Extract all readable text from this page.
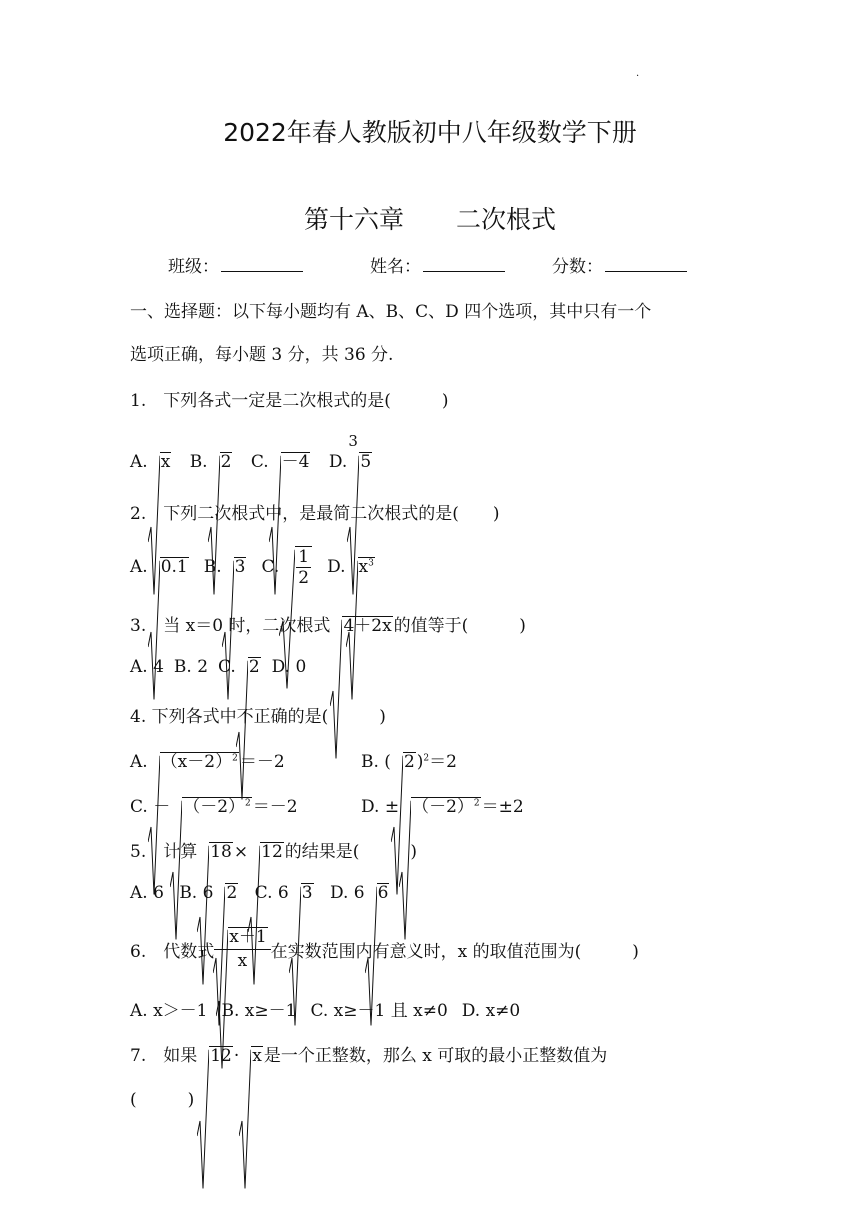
.
2022年春人教版初中八年级数学下册
第十六章 二次根式
班级：	姓名：	分数：
一、选择题：以下每小题均有 A、B、C、D 四个选项，其中只有一个
选项正确，每小题 3 分，共 36 分.
1.　下列各式一定是二次根式的是(　　　)
A. x B. 2 C. －4 D.
3
5
2.　下列二次根式中，是最简二次根式的是(　　)
A. 0.1 B. 3 C. $\frac{1}{2} D$. $x^3$
3.　当 x＝0 时，二次根式 4＋2x 的值等于(　　　)
A. 4 B. 2 C. 2 D. 0
4. 下列各式中不正确的是(　　　)
A. $(x-2)^2 =-2$	B. ( 2 )$^2$＝2
C. － $(-2)^2 =-2$	D. ± $(-2)^2 =\pm 2$
5.　计算 18 × 12 的结果是(　　　)
A. 6 B. 6 2 C. 6 3 D. 6 6
6.　代数式 $\frac{x+1}{x}$ 在实数范围内有意义时，x 的取值范围为(　　　)
A. x＞－1 B. x≥－1 C. x≥－1 且 x≠0 D. x≠0
7.　如果 12 · x 是一个正整数，那么 x 可取的最小正整数值为
(　　　)
